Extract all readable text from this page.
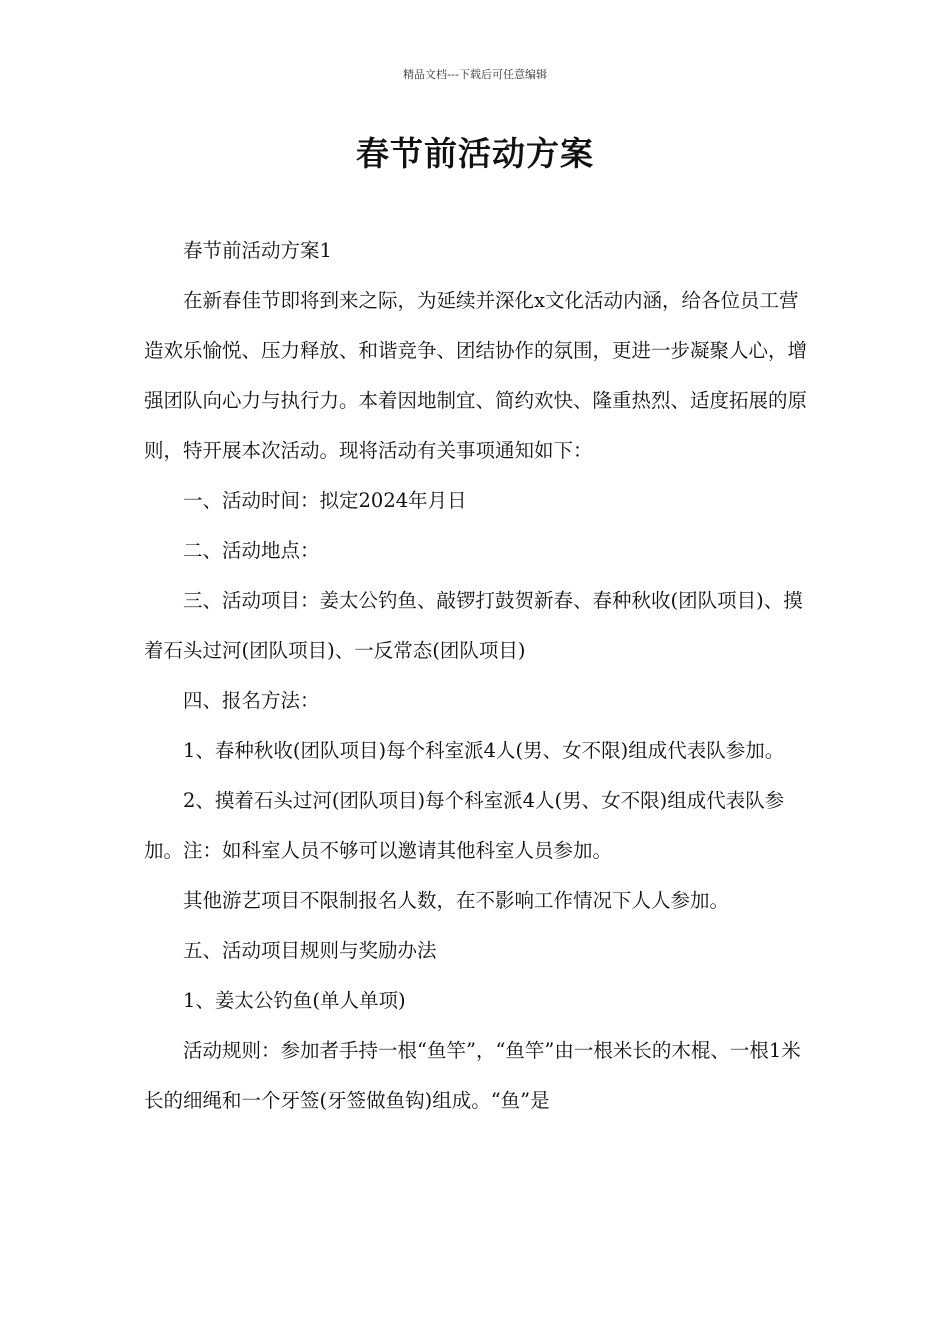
精品文档---下载后可任意编辑
春节前活动方案

春节前活动方案1

在新春佳节即将到来之际，为延续并深化x文化活动内涵，给各位员工营造欢乐愉悦、压力释放、和谐竞争、团结协作的氛围，更进一步凝聚人心，增强团队向心力与执行力。本着因地制宜、简约欢快、隆重热烈、适度拓展的原则，特开展本次活动。现将活动有关事项通知如下：

一、活动时间：拟定2024年月日

二、活动地点：

三、活动项目：姜太公钓鱼、敲锣打鼓贺新春、春种秋收(团队项目)、摸着石头过河(团队项目)、一反常态(团队项目)

四、报名方法：

1、春种秋收(团队项目)每个科室派4人(男、女不限)组成代表队参加。

2、摸着石头过河(团队项目)每个科室派4人(男、女不限)组成代表队参加。注：如科室人员不够可以邀请其他科室人员参加。

其他游艺项目不限制报名人数，在不影响工作情况下人人参加。

五、活动项目规则与奖励办法

1、姜太公钓鱼(单人单项)

活动规则：参加者手持一根“鱼竿”，“鱼竿”由一根米长的木棍、一根1米长的细绳和一个牙签(牙签做鱼钩)组成。“鱼”是
